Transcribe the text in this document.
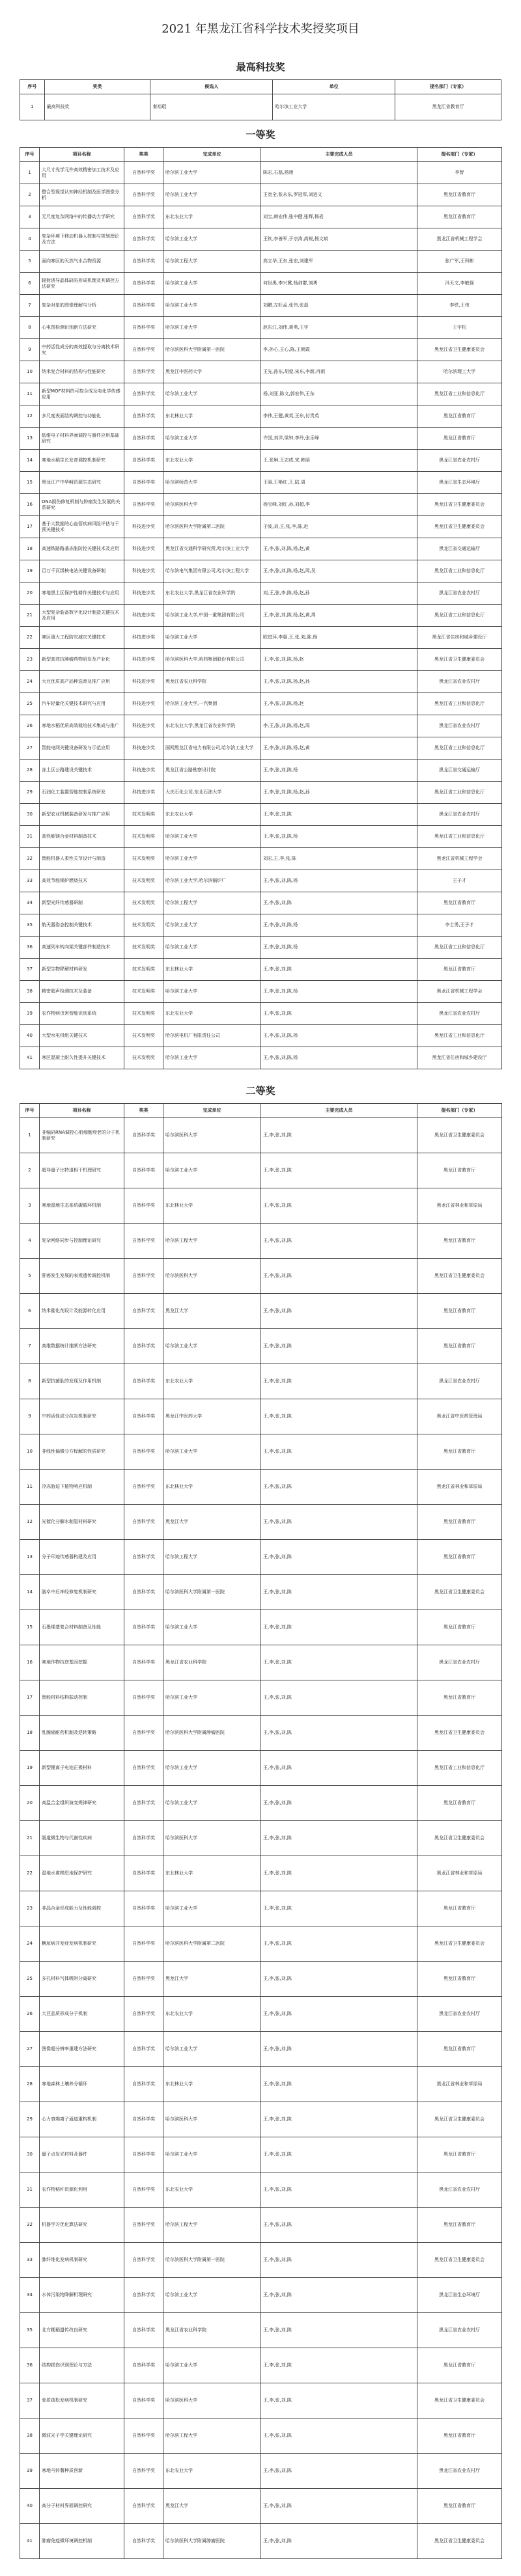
2021 年黑龙江省科学技术奖授奖项目
最高科技奖
序号	奖类	候选人	单位	提名部门（专家）
1	最高科技奖	秦裕琨	哈尔滨工业大学	黑龙江省教育厅
一等奖
序号	项目名称	奖类	完成单位	主要完成人员	提名部门（专家）
1	大尺寸光学元件高效精密加工技术及应用	自然科学奖	哈尔滨工业大学	陈宏,石磊,杨旭	李智
2	整合型视觉认知神经机制及医学图像分析	自然科学奖	哈尔滨工业大学	王宽全,张永东,罗冠军,刘进文	黑龙江省教育厅
3	无尺度复杂网络中的传播动力学研究	自然科学奖	东北农业大学	刘宝,韩宏伟,张中健,张辉,杨岩	黑龙江省教育厅
4	复杂环境下移动机器人控制与规划理论及方法	自然科学奖	哈尔滨工业大学	王钦,李善军,于宗涛,高锐,杨文斌	黑龙江省机械工程学会
5	面向寒区的天然气水合物资源	自然科学奖	哈尔滨工程大学	高立华,王东,张宏,刘建军	张广军,王科彬
6	辐射诱导晶体缺陷形成机理及其调控方法研究	自然科学奖	哈尔滨工业大学	何世禹,李兴冀,杨剑群,刘勇	冯天文,李敏强
7	复杂对象的图像理解与分析	自然科学奖	哈尔滨工业大学	刘鹏,左旺孟,张伟,张磊	李铁,王伟
8	心电图检测识别新方法研究	自然科学奖	哈尔滨工业大学	赵东江,刘伟,黄勇,王宇	王宇松
9	中药活性成分的高效提取与分离技术研究	自然科学奖	哈尔滨医科大学附属第一医院	李,孙心,王心,陈,王朝霞	黑龙江省卫生健康委员会
10	纳米复合材料的结构与性能研究	自然科学奖	黑龙江中医药大学	王先,孙东,胡爱,宋东,李新,肖雨	哈尔滨理工大学
11	新型MOF材料的可控合成及电化学传感应用	自然科学奖	哈尔滨工业大学	杨,刘亚,陈文,郭宏伟,王东	黑龙江省工业和信息化厅
12	多尺度表面结构调控与功能化	自然科学奖	东北林业大学	李伟,王健,黄英,王东,付贵英	黑龙江省教育厅
13	低维电子材料界面调控与器件应用基础研究	自然科学奖	哈尔滨工业大学	许国,刘洋,梁钟,李玲,张乐峰	黑龙江省教育厅
14	寒地水稻生长发育调控机制研究	自然科学奖	东北农业大学	王,张琳,王志成,宋,韩丽	黑龙江省农业农村厅
15	黑龙江产中华鲟资源生态研究	自然科学奖	哈尔滨师范大学	王丽,王艳红,王,陆,周	黑龙江省生态环境厅
16	DNA损伤修复机制与肿瘤发生发展的关系研究	自然科学奖	哈尔滨医科大学	杨宝峰,刘红,孙,刘超,李	黑龙江省卫生健康委员会
17	基于大数据的心血管疾病风险评估与干预关键技术	科技进步奖	哈尔滨医科大学附属第二医院	于波,刘,王,张,李,陈,赵	黑龙江省卫生健康委员会
18	高速铁路路基冻胀防控关键技术及应用	科技进步奖	黑龙江省交通科学研究所,哈尔滨工业大学	王,李,张,刘,陈,杨,赵,黄	黑龙江省交通运输厅
19	百万千瓦级核电站关键设备研制	科技进步奖	哈尔滨电气集团有限公司,哈尔滨工程大学	王,李,张,刘,陈,杨,赵,周,吴	黑龙江省工业和信息化厅
20	寒地黑土区保护性耕作关键技术与应用	科技进步奖	东北农业大学,黑龙江省农业科学院	刘,王,张,李,陈,杨,赵,孙	黑龙江省农业农村厅
21	大型复杂装备数字化设计制造关键技术及应用	科技进步奖	哈尔滨工业大学,中国一重集团有限公司	王,李,张,刘,陈,杨,赵,黄,周	黑龙江省工业和信息化厅
22	寒区重大工程防灾减灾关键技术	科技进步奖	哈尔滨工业大学	欧进萍,李惠,王,张,刘,陈,杨	黑龙江省住房和城乡建设厅
23	新型高效抗肿瘤药物研发及产业化	科技进步奖	哈尔滨医科大学,哈药集团股份有限公司	王,李,张,刘,陈,杨,赵	黑龙江省卫生健康委员会
24	大豆优质高产品种选育及推广应用	科技进步奖	黑龙江省农业科学院	王,李,张,刘,陈,杨,赵,孙	黑龙江省农业农村厅
25	汽车轻量化关键技术研究与应用	科技进步奖	哈尔滨工业大学,一汽集团	王,李,张,刘,陈,杨,赵	黑龙江省工业和信息化厅
26	寒地水稻优质高效栽培技术集成与推广	科技进步奖	东北农业大学,黑龙江省农业科学院	李,王,张,刘,陈,杨,赵,周	黑龙江省农业农村厅
27	智能电网关键设备研发与示范应用	科技进步奖	国网黑龙江省电力有限公司,哈尔滨工业大学	王,李,张,刘,陈,杨,赵,黄	黑龙江省工业和信息化厅
28	冻土区公路建设关键技术	科技进步奖	黑龙江省公路勘察设计院	王,李,张,刘,陈,杨	黑龙江省交通运输厅
29	石油化工装置智能控制系统研发	科技进步奖	大庆石化公司,东北石油大学	王,李,张,刘,陈,杨,赵,孙	黑龙江省工业和信息化厅
30	新型农业机械装备研发与推广应用	技术发明奖	东北农业大学	王,李,张,刘,陈	黑龙江省农业农村厅
31	高性能镁合金材料制备技术	技术发明奖	哈尔滨工业大学	王,李,张,刘,陈,杨	黑龙江省工业和信息化厅
32	智能机器人柔性关节设计与制造	技术发明奖	哈尔滨工业大学	刘宏,王,李,张,陈	黑龙江省机械工程学会
33	高效节能锅炉燃烧技术	技术发明奖	哈尔滨工业大学,哈尔滨锅炉厂	王,李,张,刘,陈,杨	王子才
34	新型光纤传感器研制	技术发明奖	哈尔滨工程大学	王,李,张,刘,陈	黑龙江省教育厅
35	航天器姿态控制关键技术	技术发明奖	哈尔滨工业大学	王,李,张,刘,陈,杨	李士勇,王子才
36	高速列车转向架关键部件制造技术	技术发明奖	哈尔滨工业大学	王,李,张,刘,陈,杨	黑龙江省工业和信息化厅
37	新型生物降解材料研发	技术发明奖	东北林业大学	王,李,张,刘,陈	黑龙江省教育厅
38	精密超声检测技术及装备	技术发明奖	哈尔滨工业大学	王,李,张,刘,陈,杨	黑龙江省机械工程学会
39	农作物病虫害智能识别系统	技术发明奖	东北农业大学	王,李,张,刘,陈	黑龙江省农业农村厅
40	大型水电机组关键技术	技术发明奖	哈尔滨电机厂有限责任公司	王,李,张,刘,陈,杨	黑龙江省工业和信息化厅
41	寒区混凝土耐久性提升关键技术	技术发明奖	哈尔滨工业大学	王,李,张,刘,陈,杨	黑龙江省住房和城乡建设厅
二等奖
序号	项目名称	奖类	完成单位	主要完成人员	提名部门（专家）
1	非编码RNA调控心肌细胞衰老的分子机制研究	自然科学奖	哈尔滨医科大学	王,李,张,刘,陈	黑龙江省卫生健康委员会
2	超导量子比特退相干机理研究	自然科学奖	哈尔滨工业大学	王,李,张,刘,陈	黑龙江省教育厅
3	寒地湿地生态系统碳循环机制	自然科学奖	东北林业大学	王,李,张,刘,陈	黑龙江省林业和草原局
4	复杂网络同步与控制理论研究	自然科学奖	哈尔滨工程大学	王,李,张,刘,陈	黑龙江省教育厅
5	肝癌发生发展的表观遗传调控机制	自然科学奖	哈尔滨医科大学	王,李,张,刘,陈	黑龙江省卫生健康委员会
6	纳米催化剂设计及能源转化应用	自然科学奖	黑龙江大学	王,李,张,刘,陈	黑龙江省教育厅
7	高维数据统计推断方法研究	自然科学奖	哈尔滨工业大学	王,李,张,刘,陈	黑龙江省教育厅
8	新型抗菌肽的发现及作用机制	自然科学奖	东北农业大学	王,李,张,刘,陈	黑龙江省农业农村厅
9	中药活性成分抗炎机制研究	自然科学奖	黑龙江中医药大学	王,李,张,刘,陈	黑龙江省中医药管理局
10	非线性偏微分方程解的性质研究	自然科学奖	哈尔滨工业大学	王,李,张,刘,陈	黑龙江省教育厅
11	冷冻胁迫下植物响应机制	自然科学奖	东北林业大学	王,李,张,刘,陈	黑龙江省林业和草原局
12	光催化分解水制氢材料研究	自然科学奖	黑龙江大学	王,李,张,刘,陈	黑龙江省教育厅
13	分子印迹传感器构建及应用	自然科学奖	哈尔滨工程大学	王,李,张,刘,陈	黑龙江省教育厅
14	脑卒中后神经修复机制研究	自然科学奖	哈尔滨医科大学附属第一医院	王,李,张,刘,陈	黑龙江省卫生健康委员会
15	石墨烯基复合材料制备及性能	自然科学奖	哈尔滨工业大学	王,李,张,刘,陈	黑龙江省教育厅
16	寒地作物抗逆基因挖掘	自然科学奖	黑龙江省农业科学院	王,李,张,刘,陈	黑龙江省农业农村厅
17	智能材料结构振动控制	自然科学奖	哈尔滨工业大学	王,李,张,刘,陈	黑龙江省教育厅
18	乳腺癌耐药机制及逆转策略	自然科学奖	哈尔滨医科大学附属肿瘤医院	王,李,张,刘,陈	黑龙江省卫生健康委员会
19	新型锂离子电池正极材料	自然科学奖	哈尔滨工业大学	王,李,张,刘,陈	黑龙江省工业和信息化厅
20	高温合金组织演变规律研究	自然科学奖	哈尔滨工业大学	王,李,张,刘,陈	黑龙江省教育厅
21	肠道微生物与代谢性疾病	自然科学奖	哈尔滨医科大学	王,李,张,刘,陈	黑龙江省卫生健康委员会
22	湿地水禽栖息地保护研究	自然科学奖	东北林业大学	王,李,张,刘,陈	黑龙江省林业和草原局
23	非晶合金形成能力及性能调控	自然科学奖	哈尔滨工业大学	王,李,张,刘,陈	黑龙江省教育厅
24	糖尿病并发症发病机制研究	自然科学奖	哈尔滨医科大学附属第二医院	王,李,张,刘,陈	黑龙江省卫生健康委员会
25	多孔材料气体吸附分离研究	自然科学奖	黑龙江大学	王,李,张,刘,陈	黑龙江省教育厅
26	大豆品质形成分子机制	自然科学奖	东北农业大学	王,李,张,刘,陈	黑龙江省农业农村厅
27	图像超分辨率重建方法研究	自然科学奖	哈尔滨工业大学	王,李,张,刘,陈	黑龙江省教育厅
28	寒地森林土壤养分循环	自然科学奖	东北林业大学	王,李,张,刘,陈	黑龙江省林业和草原局
29	心力衰竭离子通道重构机制	自然科学奖	哈尔滨医科大学	王,李,张,刘,陈	黑龙江省卫生健康委员会
30	量子点发光材料及器件	自然科学奖	哈尔滨工业大学	王,李,张,刘,陈	黑龙江省教育厅
31	农作物秸秆资源化利用	自然科学奖	东北农业大学	王,李,张,刘,陈	黑龙江省农业农村厅
32	机器学习优化算法研究	自然科学奖	哈尔滨工程大学	王,李,张,刘,陈	黑龙江省教育厅
33	肺纤维化发病机制研究	自然科学奖	哈尔滨医科大学附属第一医院	王,李,张,刘,陈	黑龙江省卫生健康委员会
34	水体污染物降解机理研究	自然科学奖	哈尔滨工业大学	王,李,张,刘,陈	黑龙江省生态环境厅
35	北方粳稻遗传改良研究	自然科学奖	黑龙江省农业科学院	王,李,张,刘,陈	黑龙江省农业农村厅
36	结构损伤识别理论与方法	自然科学奖	哈尔滨工业大学	王,李,张,刘,陈	黑龙江省教育厅
37	骨质疏松发病机制研究	自然科学奖	哈尔滨医科大学	王,李,张,刘,陈	黑龙江省卫生健康委员会
38	微波光子学关键理论研究	自然科学奖	哈尔滨工程大学	王,李,张,刘,陈	黑龙江省教育厅
39	寒地马铃薯种质创新	自然科学奖	东北农业大学	王,李,张,刘,陈	黑龙江省农业农村厅
40	高分子材料界面调控研究	自然科学奖	黑龙江大学	王,李,张,刘,陈	黑龙江省教育厅
41	肿瘤免疫微环境调控机制	自然科学奖	哈尔滨医科大学附属肿瘤医院	王,李,张,刘,陈	黑龙江省卫生健康委员会
